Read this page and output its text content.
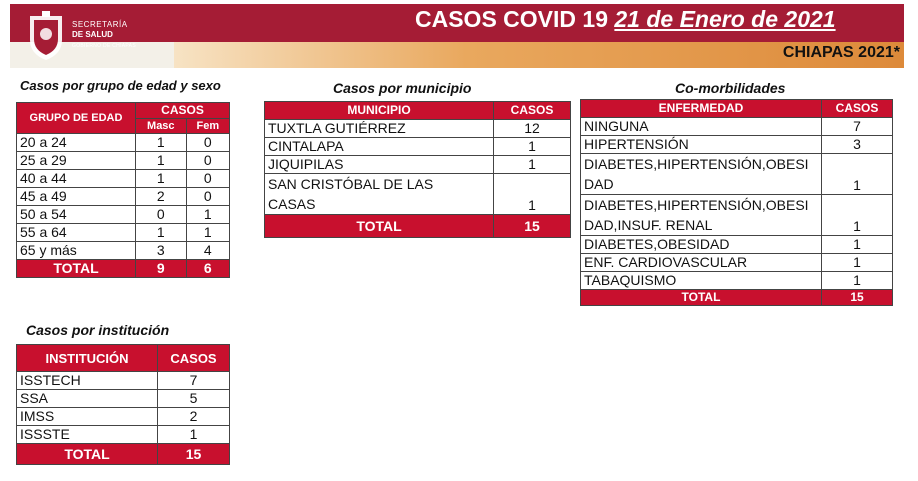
SECRETARÍA
DE SALUD
GOBIERNO DE CHIAPAS
CASOS COVID 19 21 de Enero de 2021
CHIAPAS 2021*
Casos por grupo de edad y sexo
GRUPO DE EDAD	CASOS	
	Masc	Fem
20 a 24	1	0
25 a 29	1	0
40 a 44	1	0
45 a 49	2	0
50 a 54	0	1
55 a 64	1	1
65 y más	3	4
TOTAL	9	6
Casos por municipio
MUNICIPIO	CASOS
TUXTLA GUTIÉRREZ	12
CINTALAPA	1
JIQUIPILAS	1
SAN CRISTÓBAL DE LAS CASAS	1
TOTAL	15
Co-morbilidades
ENFERMEDAD	CASOS
NINGUNA	7
HIPERTENSIÓN	3
DIABETES,HIPERTENSIÓN,OBESIDAD	1
DIABETES,HIPERTENSIÓN,OBESIDAD,INSUF. RENAL	1
DIABETES,OBESIDAD	1
ENF. CARDIOVASCULAR	1
TABAQUISMO	1
TOTAL	15
Casos por institución
INSTITUCIÓN	CASOS
ISSTECH	7
SSA	5
IMSS	2
ISSSTE	1
TOTAL	15
